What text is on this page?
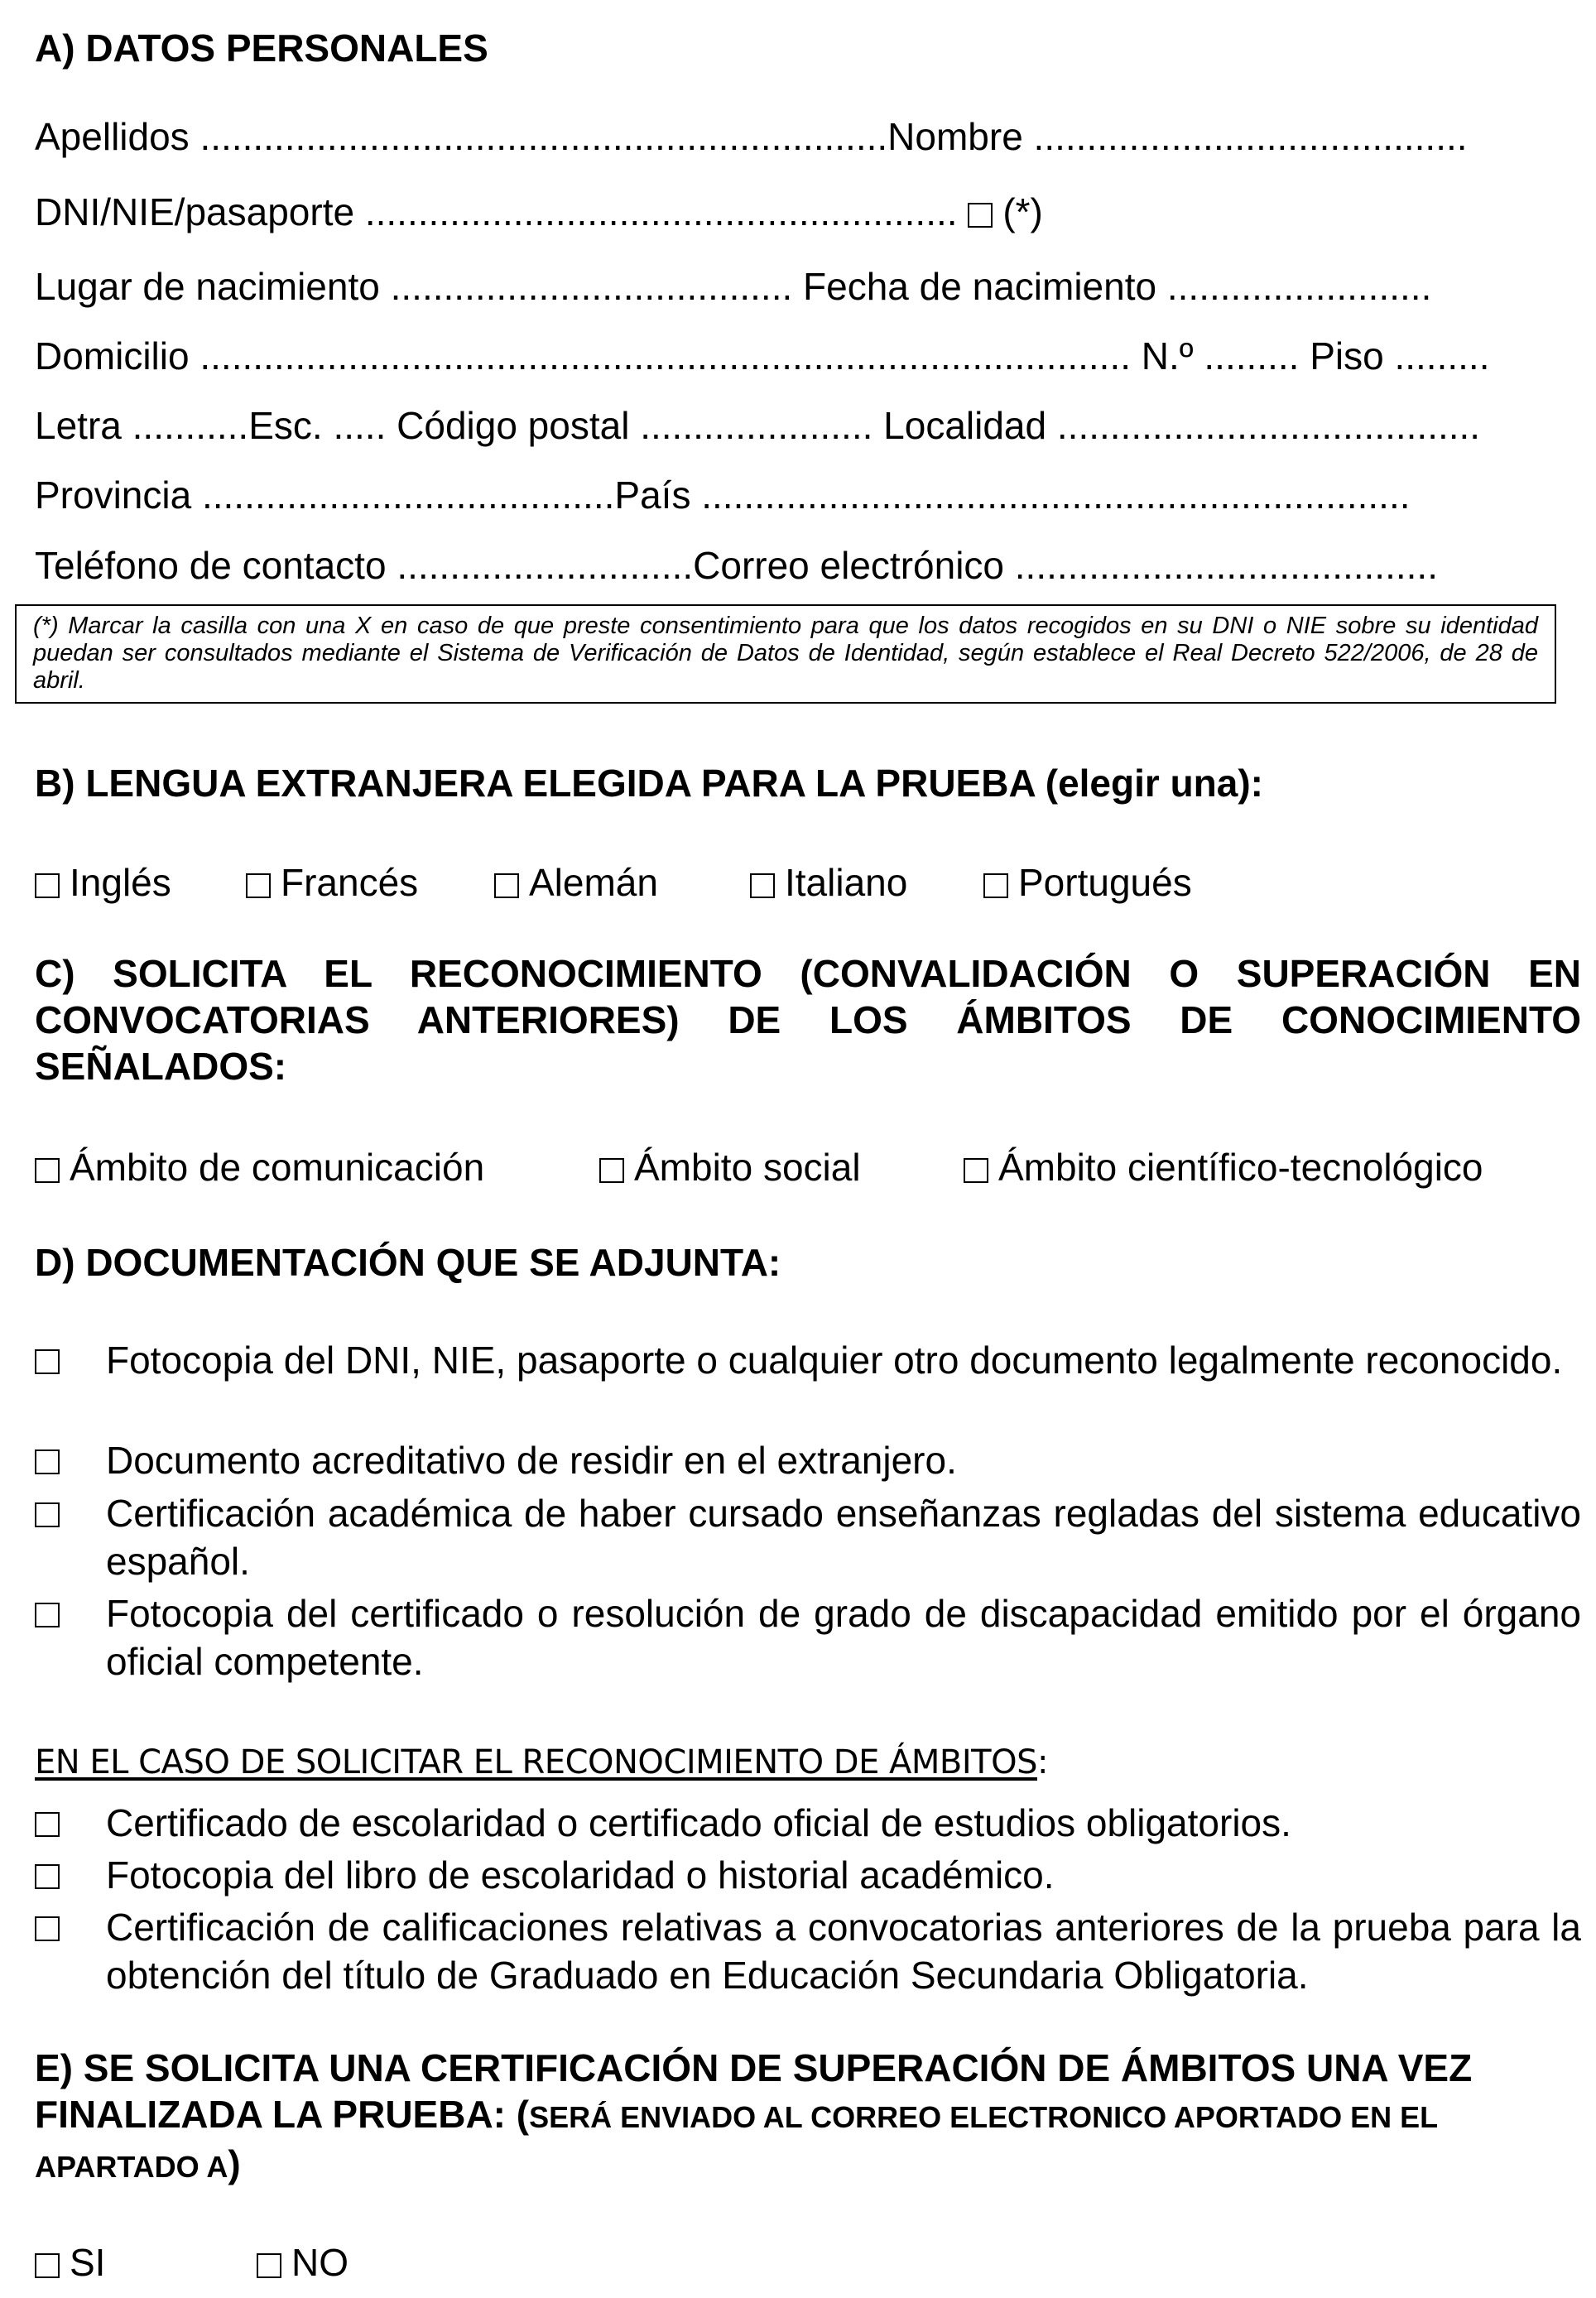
A) DATOS PERSONALES
Apellidos .................................................................Nombre .........................................
DNI/NIE/pasaporte ........................................................ (*)
Lugar de nacimiento ...................................... Fecha de nacimiento .........................
Domicilio ........................................................................................ N.º ......... Piso .........
Letra ...........Esc. ..... Código postal ...................... Localidad ........................................
Provincia .......................................País ...................................................................
Teléfono de contacto ............................Correo electrónico ........................................
(*) Marcar la casilla con una X en caso de que preste consentimiento para que los datos recogidos en su DNI o NIE sobre su identidad puedan ser consultados mediante el Sistema de Verificación de Datos de Identidad, según establece el Real Decreto 522/2006, de 28 de abril.
B) LENGUA EXTRANJERA ELEGIDA PARA LA PRUEBA (elegir una):
Inglés	Francés	Alemán	Italiano	Portugués
C) SOLICITA EL RECONOCIMIENTO (CONVALIDACIÓN O SUPERACIÓN EN CONVOCATORIAS ANTERIORES) DE LOS ÁMBITOS DE CONOCIMIENTO SEÑALADOS:
Ámbito de comunicación	Ámbito social	Ámbito científico-tecnológico
D) DOCUMENTACIÓN QUE SE ADJUNTA:
Fotocopia del DNI, NIE, pasaporte o cualquier otro documento legalmente reconocido.
Documento acreditativo de residir en el extranjero.
Certificación académica de haber cursado enseñanzas regladas del sistema educativo español.
Fotocopia del certificado o resolución de grado de discapacidad emitido por el órgano oficial competente.
EN EL CASO DE SOLICITAR EL RECONOCIMIENTO DE ÁMBITOS:
Certificado de escolaridad o certificado oficial de estudios obligatorios.
Fotocopia del libro de escolaridad o historial académico.
Certificación de calificaciones relativas a convocatorias anteriores de la prueba para la obtención del título de Graduado en Educación Secundaria Obligatoria.
E) SE SOLICITA UNA CERTIFICACIÓN DE SUPERACIÓN DE ÁMBITOS UNA VEZ FINALIZADA LA PRUEBA: (SERÁ ENVIADO AL CORREO ELECTRONICO APORTADO EN EL APARTADO A)
SI	NO
